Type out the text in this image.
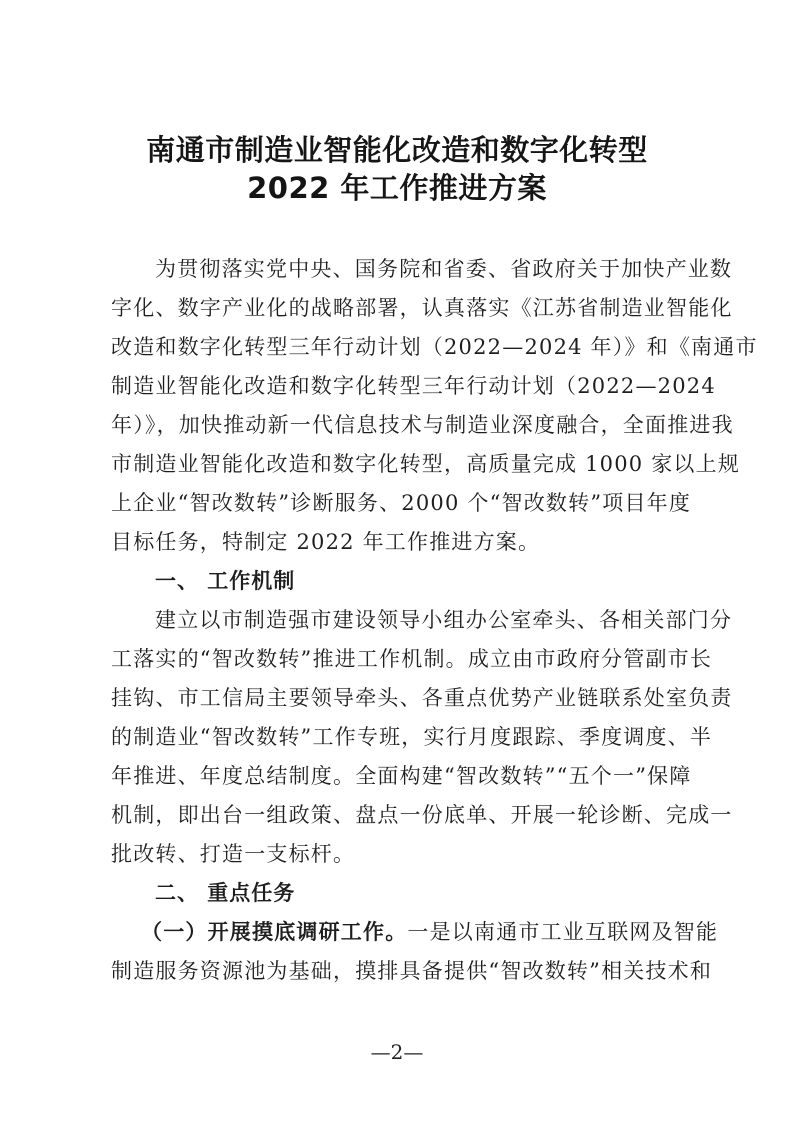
南通市制造业智能化改造和数字化转型
2022 年工作推进方案
为贯彻落实党中央、国务院和省委、省政府关于加快产业数
字化、数字产业化的战略部署，认真落实《江苏省制造业智能化
改造和数字化转型三年行动计划（2022—2024 年）》和《南通市
制造业智能化改造和数字化转型三年行动计划（2022—2024
年）》，加快推动新一代信息技术与制造业深度融合，全面推进我
市制造业智能化改造和数字化转型，高质量完成 1000 家以上规
上企业“智改数转”诊断服务、2000 个“智改数转”项目年度
目标任务，特制定 2022 年工作推进方案。
一、 工作机制
建立以市制造强市建设领导小组办公室牵头、各相关部门分
工落实的“智改数转”推进工作机制。成立由市政府分管副市长
挂钩、市工信局主要领导牵头、各重点优势产业链联系处室负责
的制造业“智改数转”工作专班，实行月度跟踪、季度调度、半
年推进、年度总结制度。全面构建“智改数转”“五个一”保障
机制，即出台一组政策、盘点一份底单、开展一轮诊断、完成一
批改转、打造一支标杆。
二、 重点任务
（一）开展摸底调研工作。一是以南通市工业互联网及智能
制造服务资源池为基础，摸排具备提供“智改数转”相关技术和
—2—
